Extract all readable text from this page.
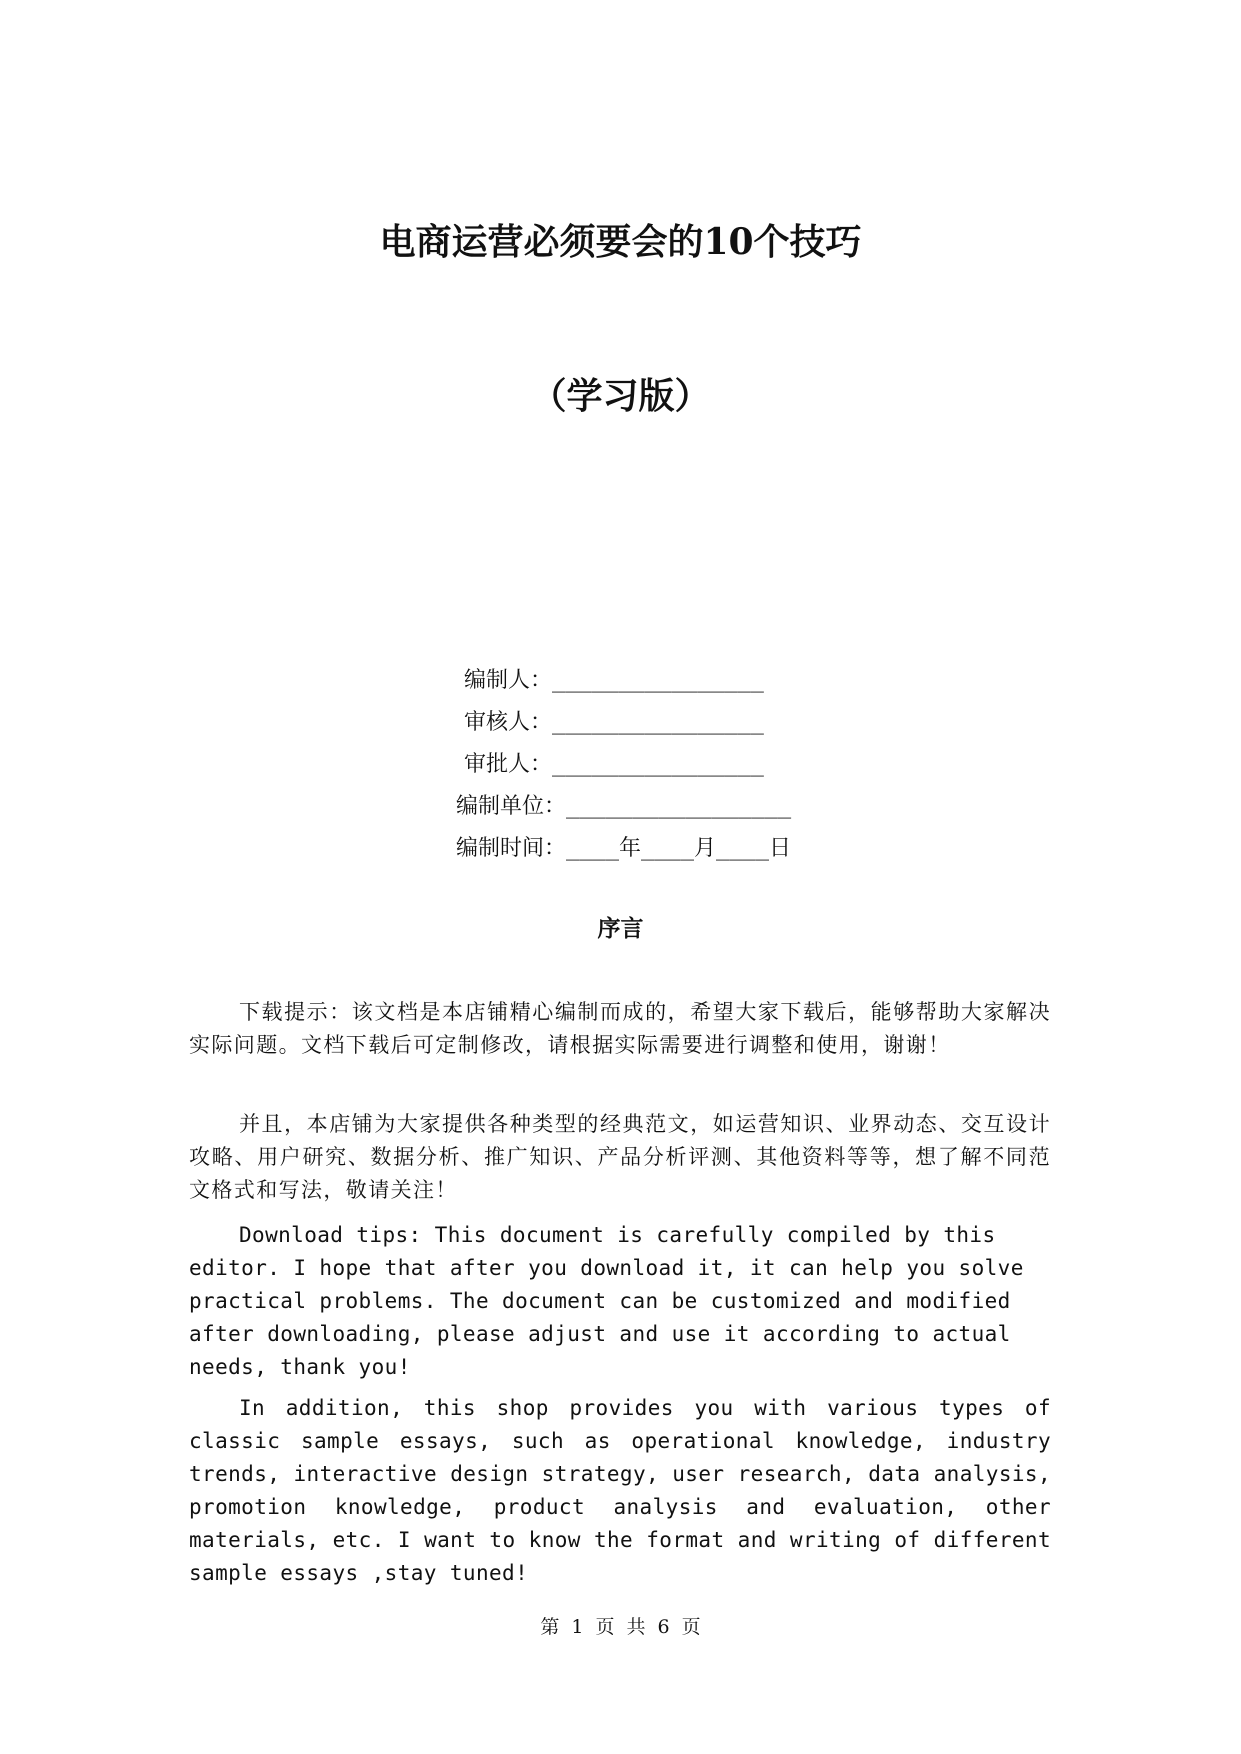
电商运营必须要会的10个技巧
（学习版）
编制人：________________
审核人：________________
审批人：________________
编制单位：_________________
编制时间：____年____月____日
序言

下载提示：该文档是本店铺精心编制而成的，希望大家下载后，能够帮助大家解决实际问题。文档下载后可定制修改，请根据实际需要进行调整和使用，谢谢！

并且，本店铺为大家提供各种类型的经典范文，如运营知识、业界动态、交互设计攻略、用户研究、数据分析、推广知识、产品分析评测、其他资料等等，想了解不同范文格式和写法，敬请关注！

Download tips: This document is carefully compiled by this editor. I hope that after you download it, it can help you solve practical problems. The document can be customized and modified after downloading, please adjust and use it according to actual needs, thank you!

In addition, this shop provides you with various types of classic sample essays, such as operational knowledge, industry trends, interactive design strategy, user research, data analysis, promotion knowledge, product analysis and evaluation, other materials, etc. I want to know the format and writing of different sample essays ,stay tuned!

第 1 页 共 6 页
